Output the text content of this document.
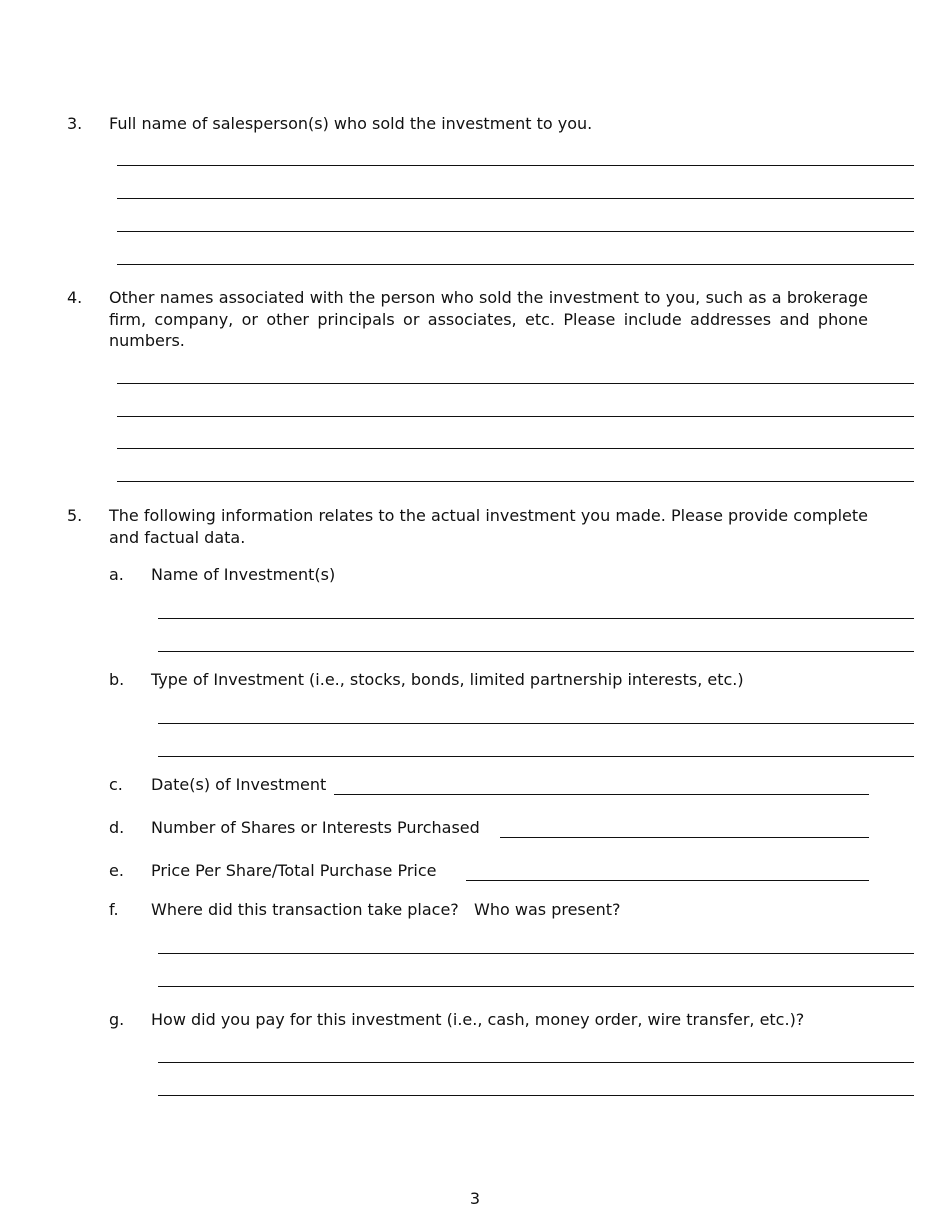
3. Full name of salesperson(s) who sold the investment to you.
4. Other names associated with the person who sold the investment to you, such as a brokerage firm, company, or other principals or associates, etc. Please include addresses and phone numbers.
5. The following information relates to the actual investment you made. Please provide complete and factual data.
a. Name of Investment(s)
b. Type of Investment (i.e., stocks, bonds, limited partnership interests, etc.)
c. Date(s) of Investment
d. Number of Shares or Interests Purchased
e. Price Per Share/Total Purchase Price
f. Where did this transaction take place?   Who was present?
g. How did you pay for this investment (i.e., cash, money order, wire transfer, etc.)?
3
